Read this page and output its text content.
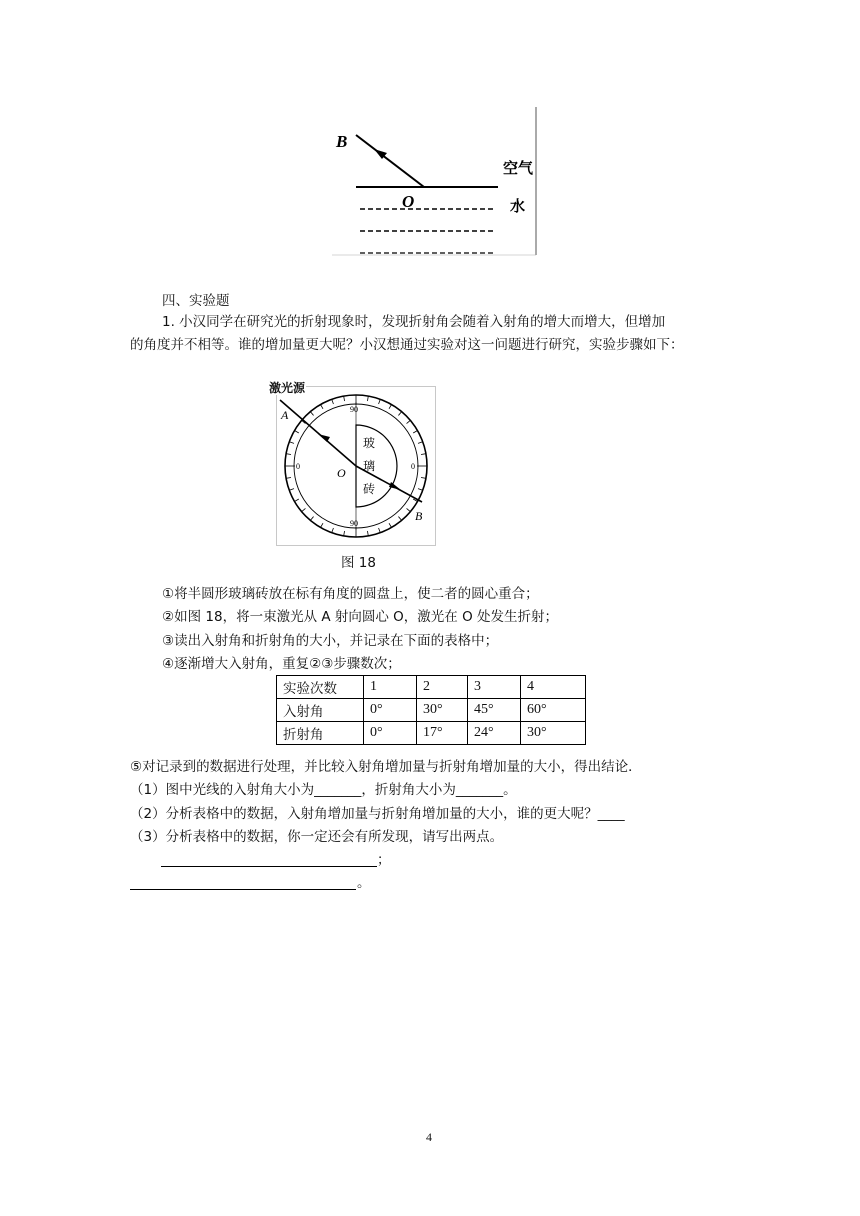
B
O
空气
水
四、实验题
1. 小汉同学在研究光的折射现象时，发现折射角会随着入射角的增大而增大，但增加
的角度并不相等。谁的增加量更大呢？小汉想通过实验对这一问题进行研究，实验步骤如下：
90
90
0	0
玻
璃
砖
O
A
B
激光源
图 18
①将半圆形玻璃砖放在标有角度的圆盘上，使二者的圆心重合；
②如图 18，将一束激光从 A 射向圆心 O，激光在 O 处发生折射；
③读出入射角和折射角的大小，并记录在下面的表格中；
④逐渐增大入射角，重复②③步骤数次；
实验次数	1	2	3	4
入射角	0°	30°	45°	60°
折射角	0°	17°	24°	30°
⑤对记录到的数据进行处理，并比较入射角增加量与折射角增加量的大小，得出结论．
（1）图中光线的入射角大小为_______，折射角大小为_______。
（2）分析表格中的数据，入射角增加量与折射角增加量的大小，谁的更大呢？____
（3）分析表格中的数据，你一定还会有所发现，请写出两点。
；
。
4
